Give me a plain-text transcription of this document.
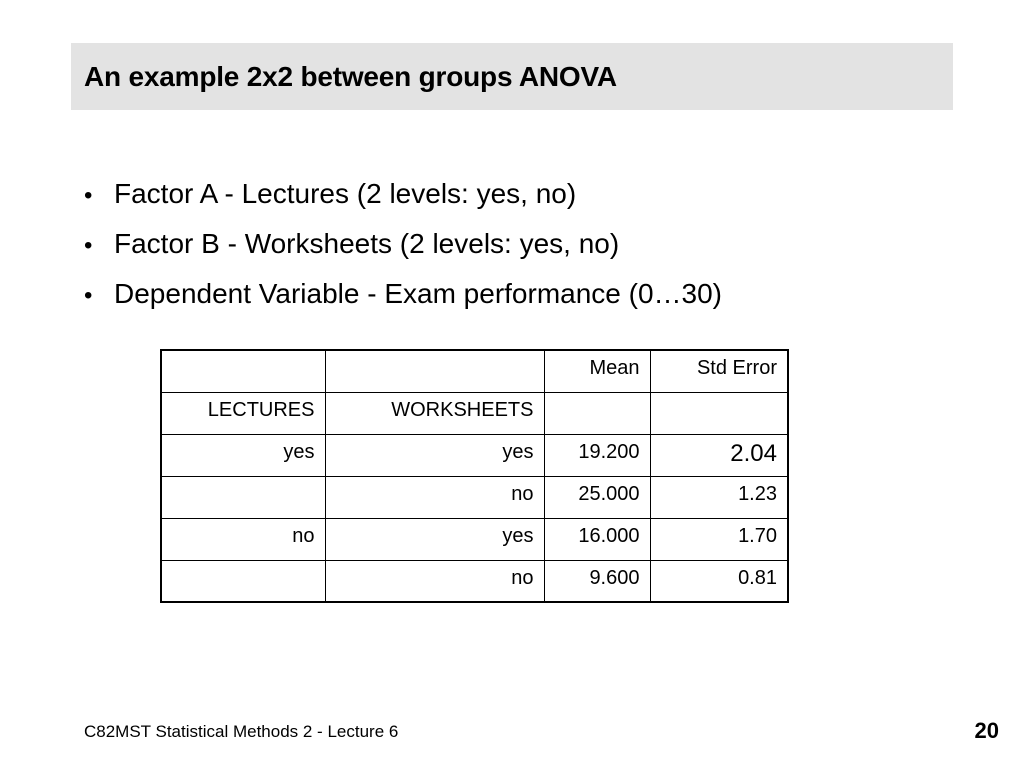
An example 2x2 between groups ANOVA
• Factor A - Lectures (2 levels: yes, no)
• Factor B - Worksheets (2 levels: yes, no)
• Dependent Variable - Exam performance (0…30)
		Mean	Std Error
LECTURES	WORKSHEETS		
yes	yes	19.200	2.04
	no	25.000	1.23
no	yes	16.000	1.70
	no	9.600	0.81
C82MST Statistical Methods 2 - Lecture 6	20
